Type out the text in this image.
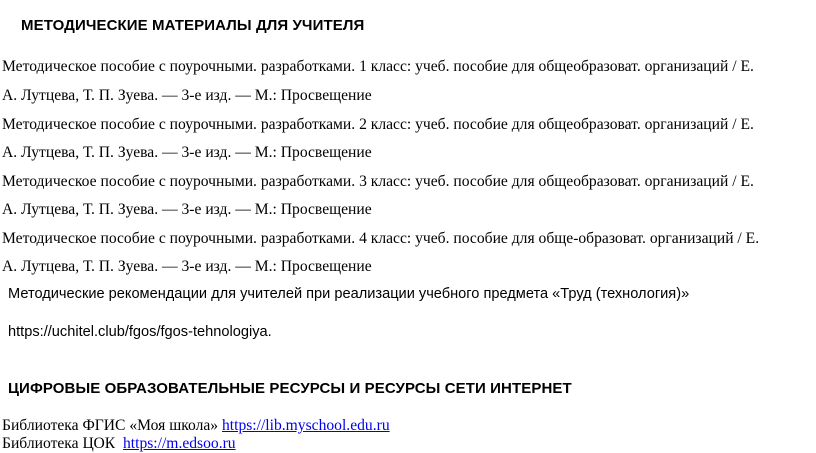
МЕТОДИЧЕСКИЕ МАТЕРИАЛЫ ДЛЯ УЧИТЕЛЯ
Методическое пособие с поурочными. разработками. 1 класс: учеб. пособие для общеобразоват. организаций / Е.
А. Лутцева, Т. П. Зуева. — 3-е изд. — М.: Просвещение
Методическое пособие с поурочными. разработками. 2 класс: учеб. пособие для общеобразоват. организаций / Е.
А. Лутцева, Т. П. Зуева. — 3-е изд. — М.: Просвещение
Методическое пособие с поурочными. разработками. 3 класс: учеб. пособие для общеобразоват. организаций / Е.
А. Лутцева, Т. П. Зуева. — 3-е изд. — М.: Просвещение
Методическое пособие с поурочными. разработками. 4 класс: учеб. пособие для обще-образоват. организаций / Е.
А. Лутцева, Т. П. Зуева. — 3-е изд. — М.: Просвещение
Методические рекомендации для учителей при реализации учебного предмета «Труд (технология)»
https://uchitel.club/fgos/fgos-tehnologiya.
ЦИФРОВЫЕ ОБРАЗОВАТЕЛЬНЫЕ РЕСУРСЫ И РЕСУРСЫ СЕТИ ИНТЕРНЕТ
Библиотека ФГИС «Моя школа» https://lib.myschool.edu.ru
Библиотека ЦОК  https://m.edsoo.ru
